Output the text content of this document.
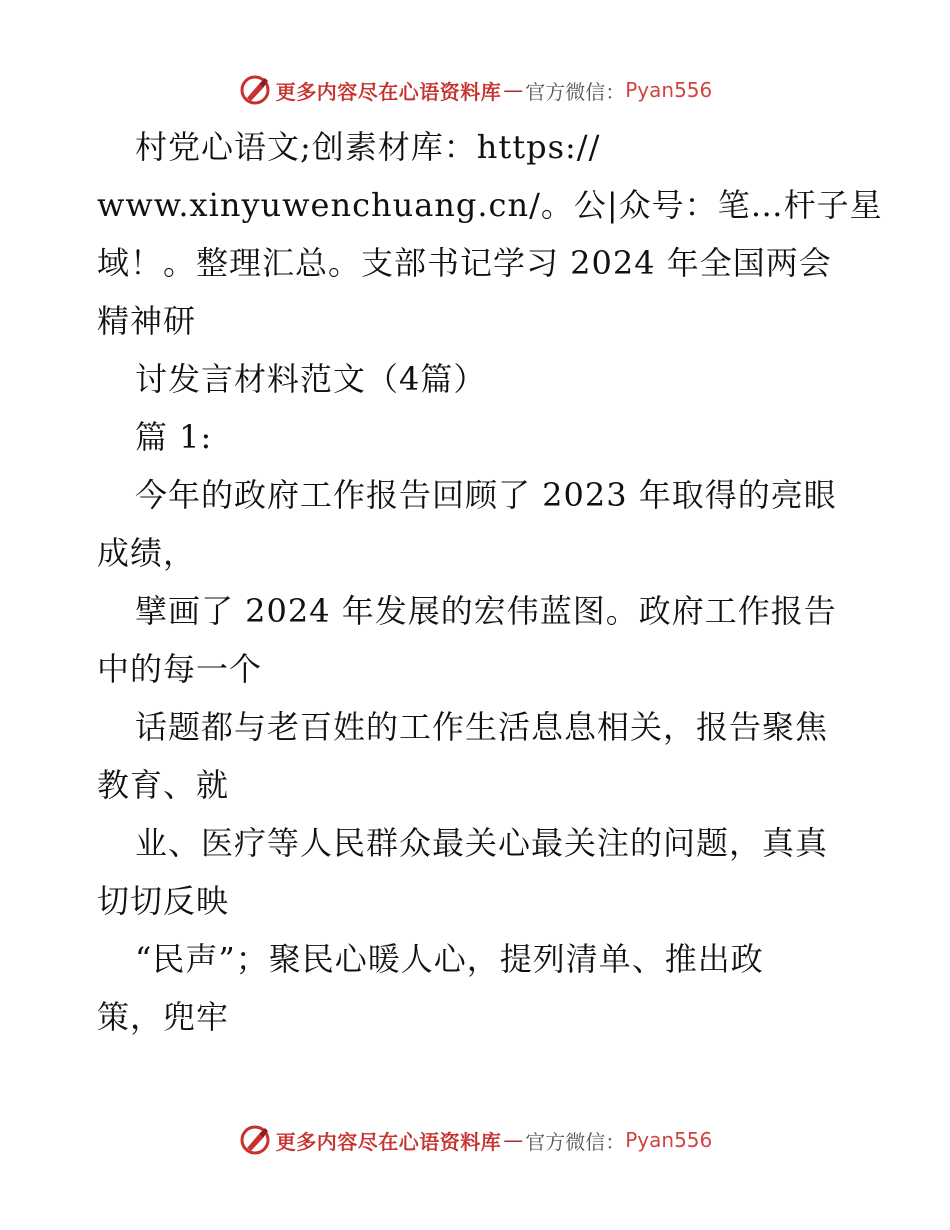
更多内容尽在心语资料库 — 官方微信： Pyan556
村党心语文;创素材库：https://
www.xinyuwenchuang.cn/。公|众号：笔…杆子星
域！。整理汇总。支部书记学习 2024 年全国两会
精神研
讨发言材料范文（4篇）
篇 1:
今年的政府工作报告回顾了 2023 年取得的亮眼
成绩，
擘画了 2024 年发展的宏伟蓝图。政府工作报告
中的每一个
话题都与老百姓的工作生活息息相关，报告聚焦
教育、就
业、医疗等人民群众最关心最关注的问题，真真
切切反映
“民声”；聚民心暖人心，提列清单、推出政
策，兜牢
更多内容尽在心语资料库 — 官方微信： Pyan556
